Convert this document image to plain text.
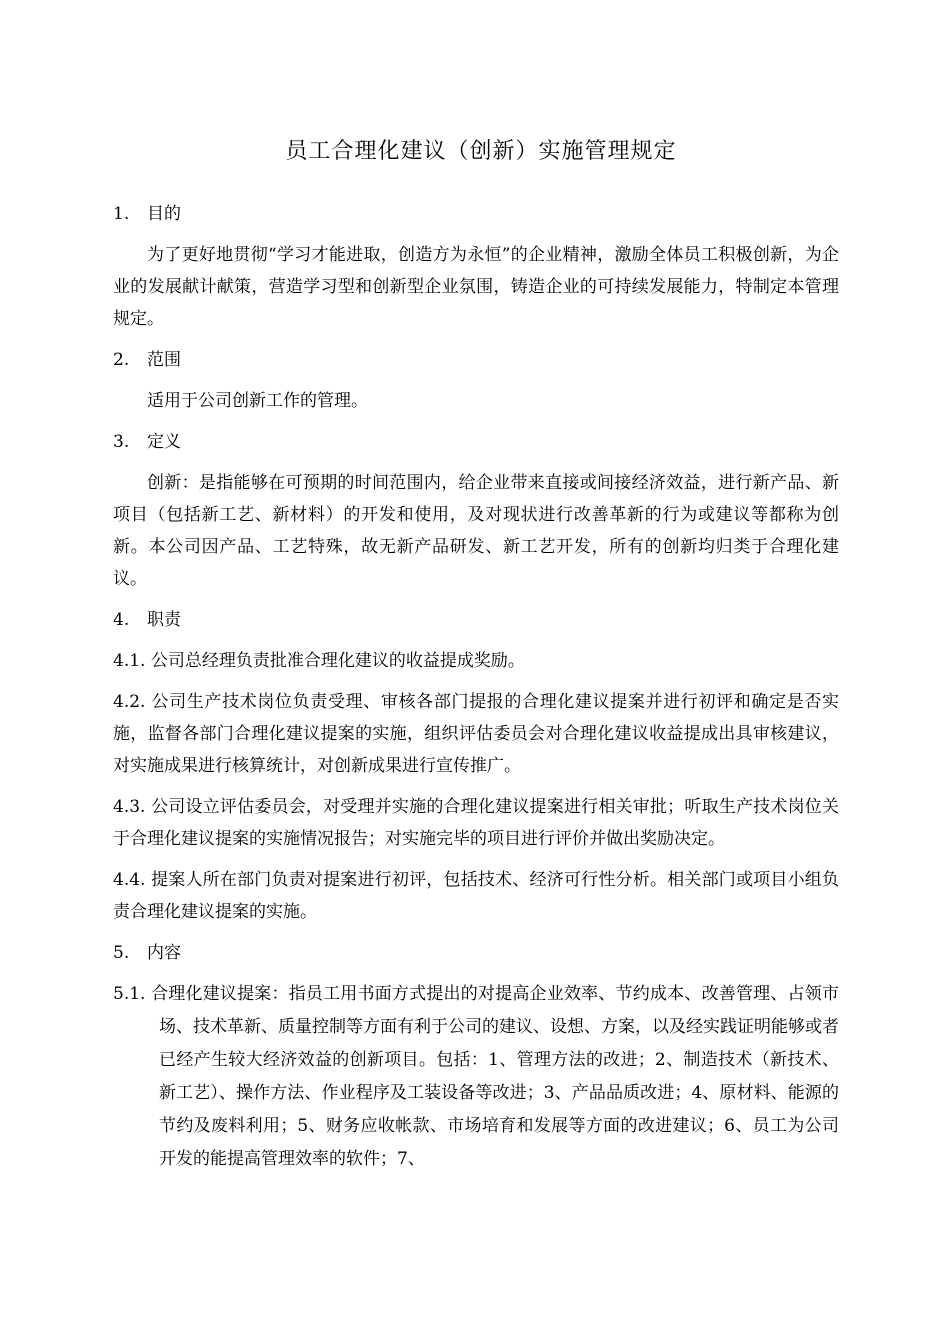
员工合理化建议（创新）实施管理规定
1. 目的

为了更好地贯彻“学习才能进取，创造方为永恒”的企业精神，激励全体员工积极创新，为企业的发展献计献策，营造学习型和创新型企业氛围，铸造企业的可持续发展能力，特制定本管理规定。

2. 范围

适用于公司创新工作的管理。

3. 定义

创新：是指能够在可预期的时间范围内，给企业带来直接或间接经济效益，进行新产品、新项目（包括新工艺、新材料）的开发和使用，及对现状进行改善革新的行为或建议等都称为创新。本公司因产品、工艺特殊，故无新产品研发、新工艺开发，所有的创新均归类于合理化建议。

4. 职责

4.1. 公司总经理负责批准合理化建议的收益提成奖励。

4.2. 公司生产技术岗位负责受理、审核各部门提报的合理化建议提案并进行初评和确定是否实施，监督各部门合理化建议提案的实施，组织评估委员会对合理化建议收益提成出具审核建议，对实施成果进行核算统计，对创新成果进行宣传推广。

4.3. 公司设立评估委员会，对受理并实施的合理化建议提案进行相关审批；听取生产技术岗位关于合理化建议提案的实施情况报告；对实施完毕的项目进行评价并做出奖励决定。

4.4. 提案人所在部门负责对提案进行初评，包括技术、经济可行性分析。相关部门或项目小组负责合理化建议提案的实施。

5. 内容

5.1. 合理化建议提案：指员工用书面方式提出的对提高企业效率、节约成本、改善管理、占领市场、技术革新、质量控制等方面有利于公司的建议、设想、方案，以及经实践证明能够或者已经产生较大经济效益的创新项目。包括：1、管理方法的改进；2、制造技术（新技术、新工艺）、操作方法、作业程序及工装设备等改进；3、产品品质改进；4、原材料、能源的节约及废料利用；5、财务应收帐款、市场培育和发展等方面的改进建议；6、员工为公司开发的能提高管理效率的软件；7、
